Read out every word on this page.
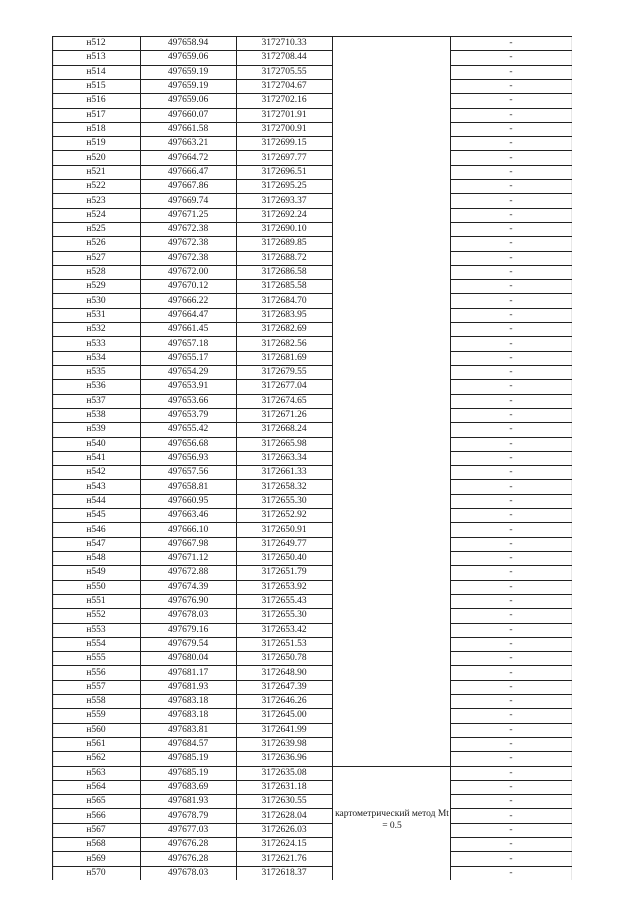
н512	497658.94	3172710.33	-
н513	497659.06	3172708.44	-
н514	497659.19	3172705.55	-
н515	497659.19	3172704.67	-
н516	497659.06	3172702.16	-
н517	497660.07	3172701.91	-
н518	497661.58	3172700.91	-
н519	497663.21	3172699.15	-
н520	497664.72	3172697.77	-
н521	497666.47	3172696.51	-
н522	497667.86	3172695.25	-
н523	497669.74	3172693.37	-
н524	497671.25	3172692.24	-
н525	497672.38	3172690.10	-
н526	497672.38	3172689.85	-
н527	497672.38	3172688.72	-
н528	497672.00	3172686.58	-
н529	497670.12	3172685.58	-
н530	497666.22	3172684.70	-
н531	497664.47	3172683.95	-
н532	497661.45	3172682.69	-
н533	497657.18	3172682.56	-
н534	497655.17	3172681.69	-
н535	497654.29	3172679.55	-
н536	497653.91	3172677.04	-
н537	497653.66	3172674.65	-
н538	497653.79	3172671.26	-
н539	497655.42	3172668.24	-
н540	497656.68	3172665.98	-
н541	497656.93	3172663.34	-
н542	497657.56	3172661.33	-
н543	497658.81	3172658.32	-
н544	497660.95	3172655.30	-
н545	497663.46	3172652.92	-
н546	497666.10	3172650.91	-
н547	497667.98	3172649.77	-
н548	497671.12	3172650.40	-
н549	497672.88	3172651.79	-
н550	497674.39	3172653.92	-
н551	497676.90	3172655.43	-
н552	497678.03	3172655.30	-
н553	497679.16	3172653.42	-
н554	497679.54	3172651.53	-
н555	497680.04	3172650.78	-
н556	497681.17	3172648.90	-
н557	497681.93	3172647.39	-
н558	497683.18	3172646.26	-
н559	497683.18	3172645.00	-
н560	497683.81	3172641.99	-
н561	497684.57	3172639.98	-
н562	497685.19	3172636.96	-
н563	497685.19	3172635.08	-
н564	497683.69	3172631.18	-
н565	497681.93	3172630.55	-
н566	497678.79	3172628.04	-
н567	497677.03	3172626.03	-
н568	497676.28	3172624.15	-
н569	497676.28	3172621.76	-
н570	497678.03	3172618.37	-
картометрический метод Mt = 0.5
